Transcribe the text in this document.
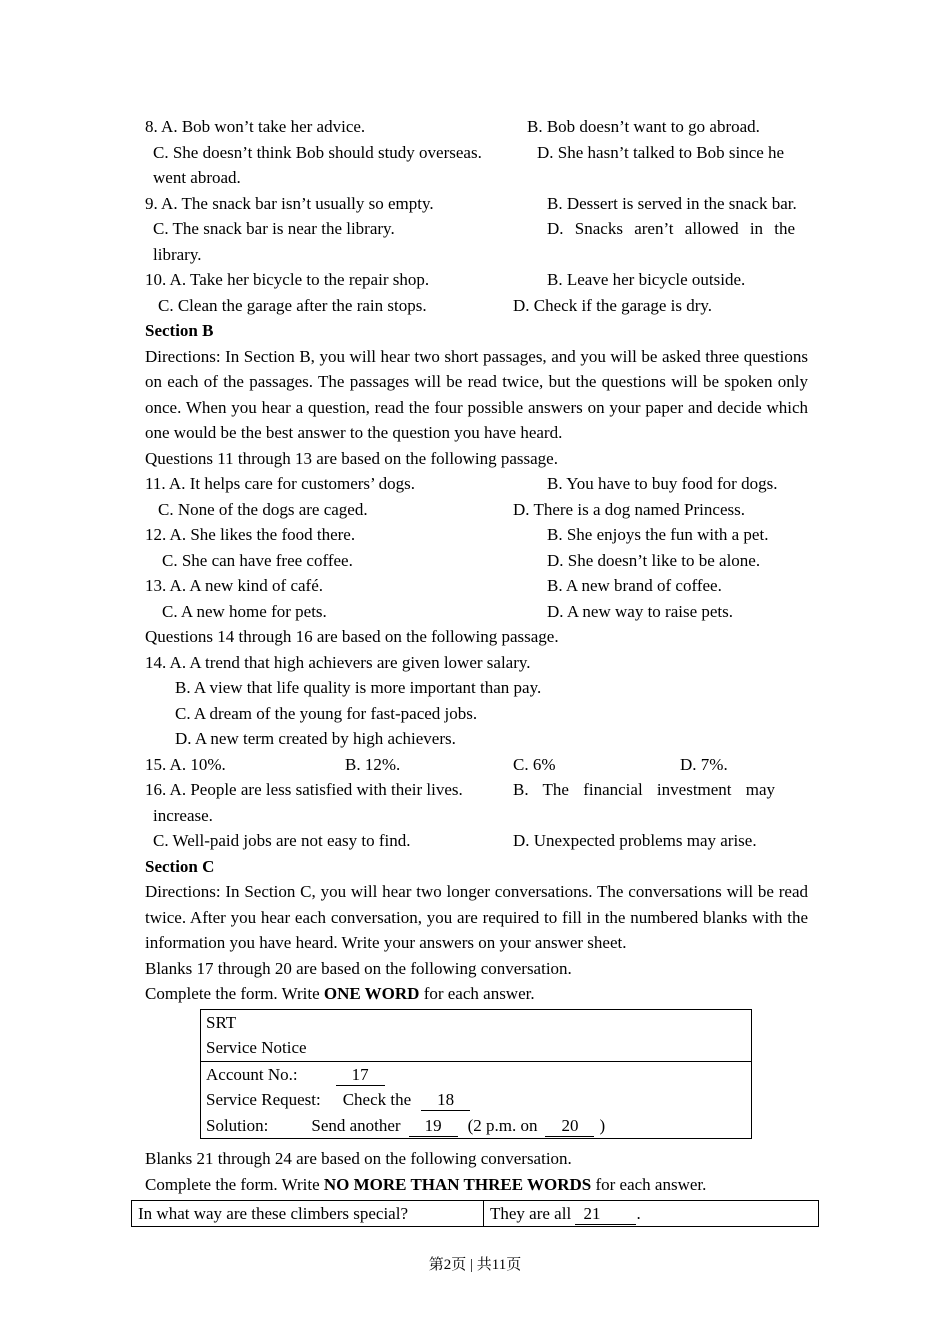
8. A. Bob won’t take her advice.	B. Bob doesn’t want to go abroad.
C. She doesn’t think Bob should study overseas.	D. She hasn’t talked to Bob since he
went abroad.
9. A. The snack bar isn’t usually so empty.	B. Dessert is served in the snack bar.
C. The snack bar is near the library.	D. Snacks aren’t allowed in the
library.
10. A. Take her bicycle to the repair shop.	B. Leave her bicycle outside.
C. Clean the garage after the rain stops.	D. Check if the garage is dry.
Section B
Directions: In Section B, you will hear two short passages, and you will be asked three questions on each of the passages. The passages will be read twice, but the questions will be spoken only once. When you hear a question, read the four possible answers on your paper and decide which one would be the best answer to the question you have heard.
Questions 11 through 13 are based on the following passage.
11. A. It helps care for customers’ dogs.	B. You have to buy food for dogs.
C. None of the dogs are caged.	D. There is a dog named Princess.
12. A. She likes the food there.	B. She enjoys the fun with a pet.
C. She can have free coffee.	D. She doesn’t like to be alone.
13. A. A new kind of café.	B. A new brand of coffee.
C. A new home for pets.	D. A new way to raise pets.
Questions 14 through 16 are based on the following passage.
14. A. A trend that high achievers are given lower salary.
B. A view that life quality is more important than pay.
C. A dream of the young for fast-paced jobs.
D. A new term created by high achievers.
15. A. 10%.	B. 12%.	C. 6%	D. 7%.
16. A. People are less satisfied with their lives.	B. The financial investment may
increase.
C. Well-paid jobs are not easy to find.	D. Unexpected problems may arise.
Section C
Directions: In Section C, you will hear two longer conversations. The conversations will be read twice. After you hear each conversation, you are required to fill in the numbered blanks with the information you have heard. Write your answers on your answer sheet.
Blanks 17 through 20 are based on the following conversation.
Complete the form. Write ONE WORD for each answer.
SRT
Service Notice
Account No.:	17
Service Request: Check the 18
Solution:	Send another 19 (2 p.m. on 20 )
Blanks 21 through 24 are based on the following conversation.
Complete the form. Write NO MORE THAN THREE WORDS for each answer.
In what way are these climbers special?	They are all 21 .
第2页 | 共11页
